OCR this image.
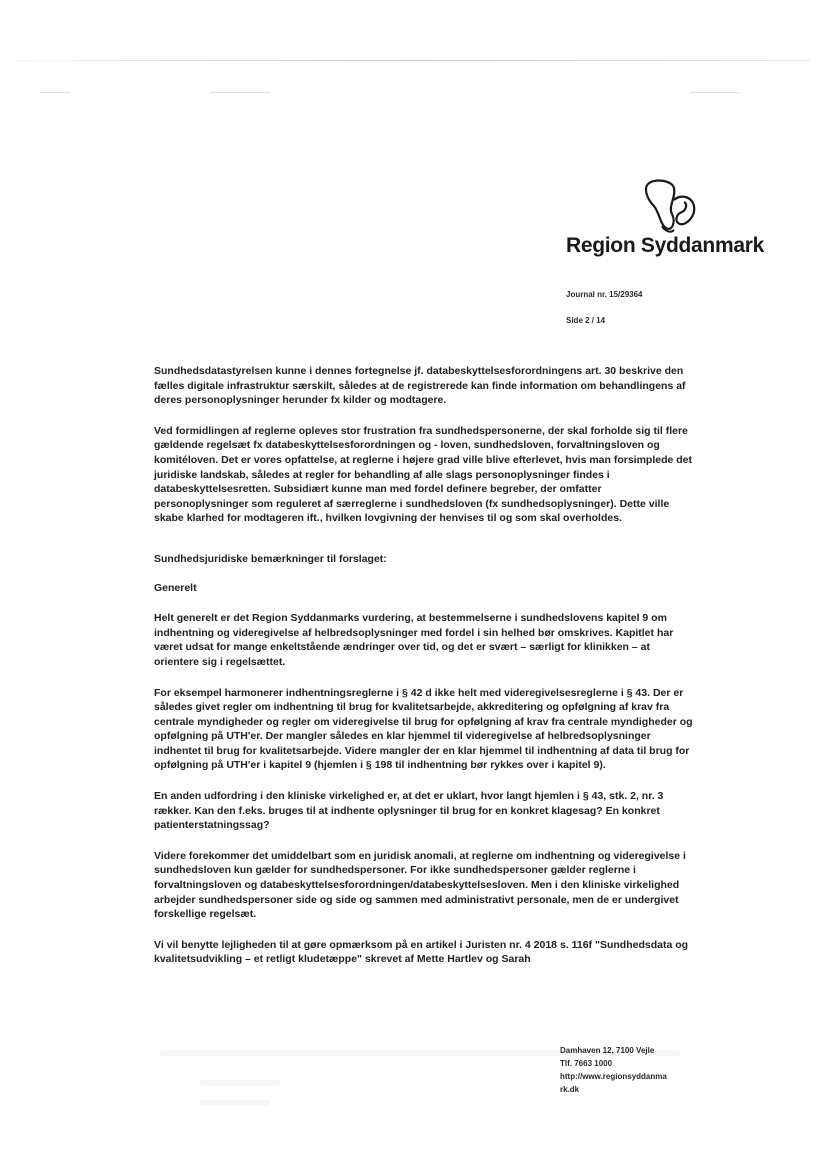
Region Syddanmark
Journal nr. 15/29364
Side 2 / 14

Sundhedsdatastyrelsen kunne i dennes fortegnelse jf. databeskyttelsesforordningens art. 30 beskrive den fælles digitale infrastruktur særskilt, således at de registrerede kan finde information om behandlingens af deres personoplysninger herunder fx kilder og modtagere.

Ved formidlingen af reglerne opleves stor frustration fra sundhedspersonerne, der skal forholde sig til flere gældende regelsæt fx databeskyttelsesforordningen og - loven, sundhedsloven, forvaltningsloven og komitéloven. Det er vores opfattelse, at reglerne i højere grad ville blive efterlevet, hvis man forsimplede det juridiske landskab, således at regler for behandling af alle slags personoplysninger findes i databeskyttelsesretten. Subsidiært kunne man med fordel definere begreber, der omfatter personoplysninger som reguleret af særreglerne i sundhedsloven (fx sundhedsoplysninger). Dette ville skabe klarhed for modtageren ift., hvilken lovgivning der henvises til og som skal overholdes.

Sundhedsjuridiske bemærkninger til forslaget:
Generelt

Helt generelt er det Region Syddanmarks vurdering, at bestemmelserne i sundhedslovens kapitel 9 om indhentning og videregivelse af helbredsoplysninger med fordel i sin helhed bør omskrives. Kapitlet har været udsat for mange enkeltstående ændringer over tid, og det er svært – særligt for klinikken – at orientere sig i regelsættet.

For eksempel harmonerer indhentningsreglerne i § 42 d ikke helt med videregivelsesreglerne i § 43. Der er således givet regler om indhentning til brug for kvalitetsarbejde, akkreditering og opfølgning af krav fra centrale myndigheder og regler om videregivelse til brug for opfølgning af krav fra centrale myndigheder og opfølgning på UTH'er. Der mangler således en klar hjemmel til videregivelse af helbredsoplysninger indhentet til brug for kvalitetsarbejde. Videre mangler der en klar hjemmel til indhentning af data til brug for opfølgning på UTH'er i kapitel 9 (hjemlen i § 198 til indhentning bør rykkes over i kapitel 9).

En anden udfordring i den kliniske virkelighed er, at det er uklart, hvor langt hjemlen i § 43, stk. 2, nr. 3 rækker. Kan den f.eks. bruges til at indhente oplysninger til brug for en konkret klagesag? En konkret patienterstatningssag?

Videre forekommer det umiddelbart som en juridisk anomali, at reglerne om indhentning og videregivelse i sundhedsloven kun gælder for sundhedspersoner. For ikke sundhedspersoner gælder reglerne i forvaltningsloven og databeskyttelsesforordningen/databeskyttelsesloven. Men i den kliniske virkelighed arbejder sundhedspersoner side og side og sammen med administrativt personale, men de er undergivet forskellige regelsæt.

Vi vil benytte lejligheden til at gøre opmærksom på en artikel i Juristen nr. 4 2018 s. 116f "Sundhedsdata og kvalitetsudvikling – et retligt kludetæppe" skrevet af Mette Hartlev og Sarah

Damhaven 12, 7100 Vejle
Tlf. 7663 1000
http://www.regionsyddanma
rk.dk
